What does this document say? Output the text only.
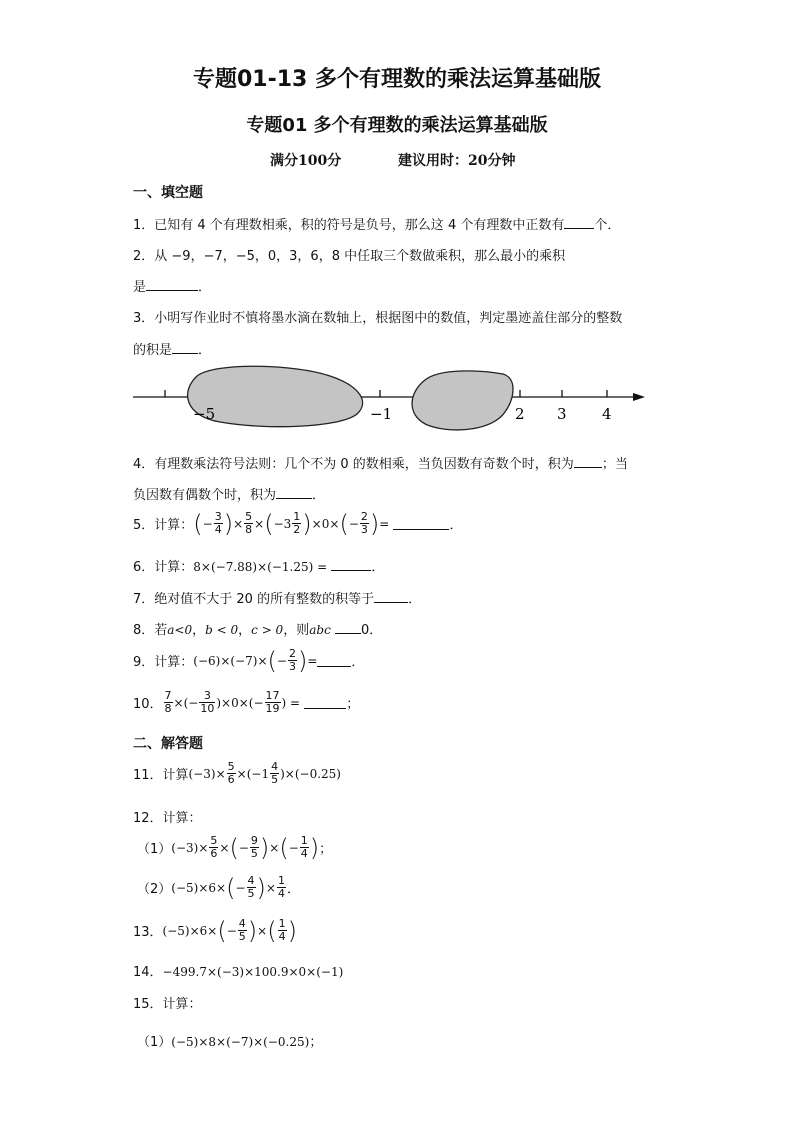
专题01-13 多个有理数的乘法运算基础版
专题01 多个有理数的乘法运算基础版
满分100分	建议用时：20分钟
一、填空题
1．已知有 4 个有理数相乘，积的符号是负号，那么这 4 个有理数中正数有 个．
2．从 −9，−7，−5，0，3，6，8 中任取三个数做乘积，那么最小的乘积
是	．
3．小明写作业时不慎将墨水滴在数轴上，根据图中的数值，判定墨迹盖住部分的整数
的积是 ．
−5	−1	2 3 4
4．有理数乘法符号法则：几个不为 0 的数相乘，当负因数有奇数个时，积为 ；当
负因数有偶数个时，积为	．
5．计算： ( − $\frac{3}{4}$ ) × $\frac{5}{8}$ × ( $-3 \frac{1}{2}$ ) × 0 × ( − $\frac{2}{3}$ ) =
	．
6．计算：8×(−7.88)×(−1.25) =	．
7．绝对值不大于 20 的所有整数的积等于	．
8．若a<0，b < 0，c > 0，则abc 0．
9．计算： (−6)×(−7)× ( − $\frac{2}{3}$ ) =	．
10． $\frac{7}{8}$ ×(− $\frac{3}{10}$ )× 0 ×(− $\frac{17}{19}$ ) =
	；
二、解答题
11．计算 $(-3)\times \frac{5}{6} \times (-1 \frac{4}{5} )\times(-0.25)$
12．计算：
（1） $(-3)\times \frac{5}{6}$ × ( − $\frac{9}{5}$ ) × ( − $\frac{1}{4}$ ) ；
（2） (−5)×6× ( − $\frac{4}{5}$ ) × $\frac{1}{4}$ ．
13． (−5)×6× ( − $\frac{4}{5}$ ) × ( $\frac{1}{4}$ )
14．−499.7×(−3)×100.9×0×(−1)
15．计算：
（1）(−5)×8×(−7)×(−0.25)；
